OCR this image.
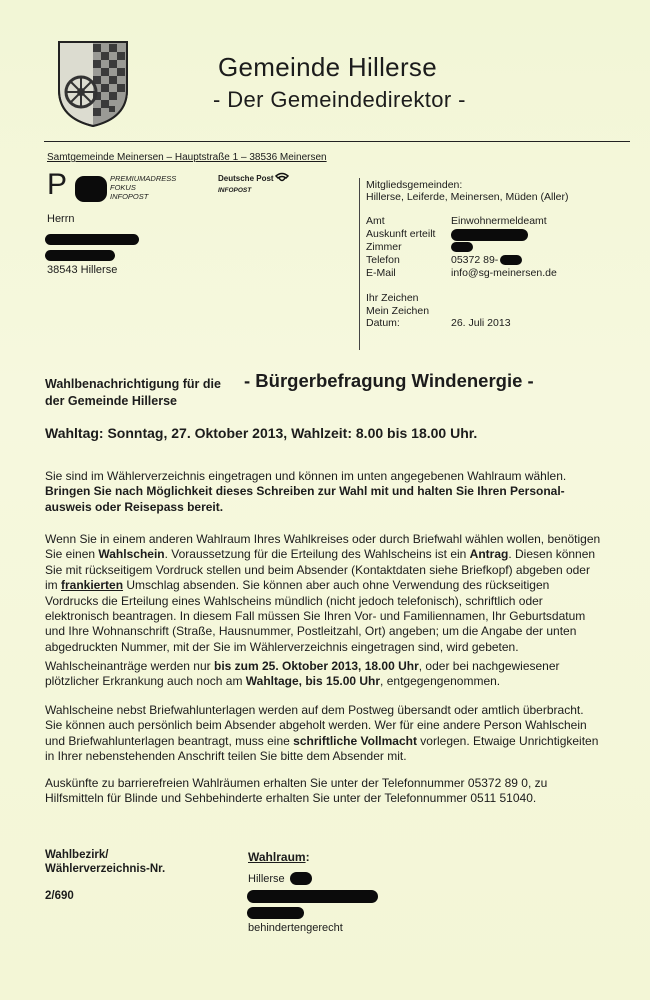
Gemeinde Hillerse
- Der Gemeindedirektor -
Samtgemeinde Meinersen – Hauptstraße 1 – 38536 Meinersen
P	PREMIUMADRESS
FOKUS
INFOPOST
Deutsche Post
INFOPOST
Herrn
38543 Hillerse
Mitgliedsgemeinden:
Hillerse, Leiferde, Meinersen, Müden (Aller)
Amt	Einwohnermeldeamt
Auskunft erteilt
Zimmer
Telefon	05372 89-
E-Mail	info@sg-meinersen.de
Ihr Zeichen
Mein Zeichen
Datum:	26. Juli 2013
Wahlbenachrichtigung für die - Bürgerbefragung Windenergie -
der Gemeinde Hillerse
Wahltag: Sonntag, 27. Oktober 2013, Wahlzeit: 8.00 bis 18.00 Uhr.
Sie sind im Wählerverzeichnis eingetragen und können im unten angegebenen Wahlraum wählen.
Bringen Sie nach Möglichkeit dieses Schreiben zur Wahl mit und halten Sie Ihren Personal-
ausweis oder Reisepass bereit.
Wenn Sie in einem anderen Wahlraum Ihres Wahlkreises oder durch Briefwahl wählen wollen, benötigen
Sie einen Wahlschein. Voraussetzung für die Erteilung des Wahlscheins ist ein Antrag. Diesen können
Sie mit rückseitigem Vordruck stellen und beim Absender (Kontaktdaten siehe Briefkopf) abgeben oder
im frankierten Umschlag absenden. Sie können aber auch ohne Verwendung des rückseitigen
Vordrucks die Erteilung eines Wahlscheins mündlich (nicht jedoch telefonisch), schriftlich oder
elektronisch beantragen. In diesem Fall müssen Sie Ihren Vor- und Familiennamen, Ihr Geburtsdatum
und Ihre Wohnanschrift (Straße, Hausnummer, Postleitzahl, Ort) angeben; um die Angabe der unten
abgedruckten Nummer, mit der Sie im Wählerverzeichnis eingetragen sind, wird gebeten.
Wahlscheinanträge werden nur bis zum 25. Oktober 2013, 18.00 Uhr, oder bei nachgewiesener
plötzlicher Erkrankung auch noch am Wahltage, bis 15.00 Uhr, entgegengenommen.
Wahlscheine nebst Briefwahlunterlagen werden auf dem Postweg übersandt oder amtlich überbracht.
Sie können auch persönlich beim Absender abgeholt werden. Wer für eine andere Person Wahlschein
und Briefwahlunterlagen beantragt, muss eine schriftliche Vollmacht vorlegen. Etwaige Unrichtigkeiten
in Ihrer nebenstehenden Anschrift teilen Sie bitte dem Absender mit.
Auskünfte zu barrierefreien Wahlräumen erhalten Sie unter der Telefonnummer 05372 89 0, zu
Hilfsmitteln für Blinde und Sehbehinderte erhalten Sie unter der Telefonnummer 0511 51040.
Wahlbezirk/
Wählerverzeichnis-Nr.
2/690
Wahlraum:
Hillerse
behindertengerecht
